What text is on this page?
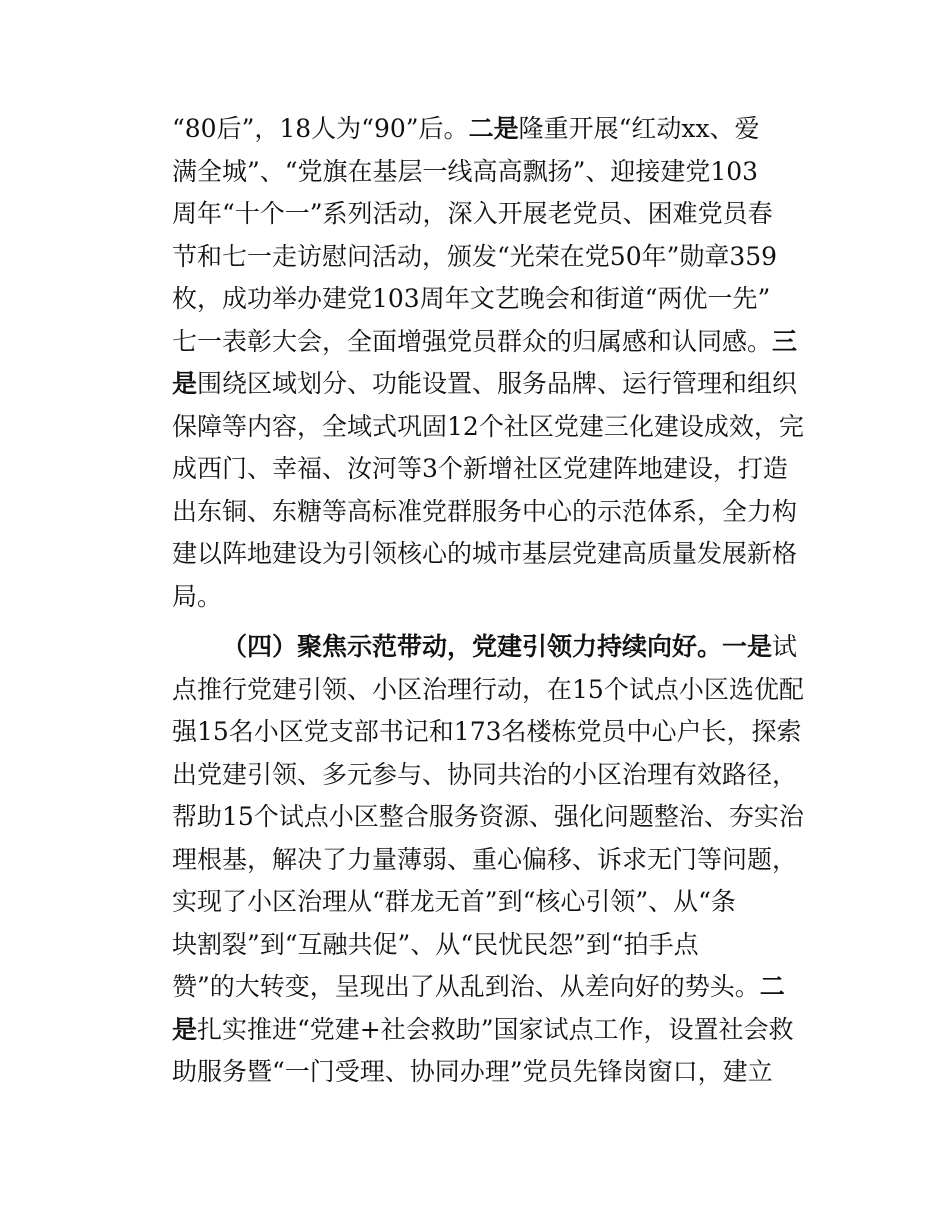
“80后”，18人为“90”后。二是隆重开展“红动xx、爱
满全城”、“党旗在基层一线高高飘扬”、迎接建党103
周年“十个一”系列活动，深入开展老党员、困难党员春
节和七一走访慰问活动，颁发“光荣在党50年”勋章359
枚，成功举办建党103周年文艺晚会和街道“两优一先”
七一表彰大会，全面增强党员群众的归属感和认同感。三
是围绕区域划分、功能设置、服务品牌、运行管理和组织
保障等内容，全域式巩固12个社区党建三化建设成效，完
成西门、幸福、汝河等3个新增社区党建阵地建设，打造
出东铜、东糖等高标准党群服务中心的示范体系，全力构
建以阵地建设为引领核心的城市基层党建高质量发展新格
局。
（四）聚焦示范带动，党建引领力持续向好。一是试
点推行党建引领、小区治理行动，在15个试点小区选优配
强15名小区党支部书记和173名楼栋党员中心户长，探索
出党建引领、多元参与、协同共治的小区治理有效路径，
帮助15个试点小区整合服务资源、强化问题整治、夯实治
理根基，解决了力量薄弱、重心偏移、诉求无门等问题，
实现了小区治理从“群龙无首”到“核心引领”、从“条
块割裂”到“互融共促”、从“民忧民怨”到“拍手点
赞”的大转变，呈现出了从乱到治、从差向好的势头。二
是扎实推进“党建+社会救助”国家试点工作，设置社会救
助服务暨“一门受理、协同办理”党员先锋岗窗口，建立
